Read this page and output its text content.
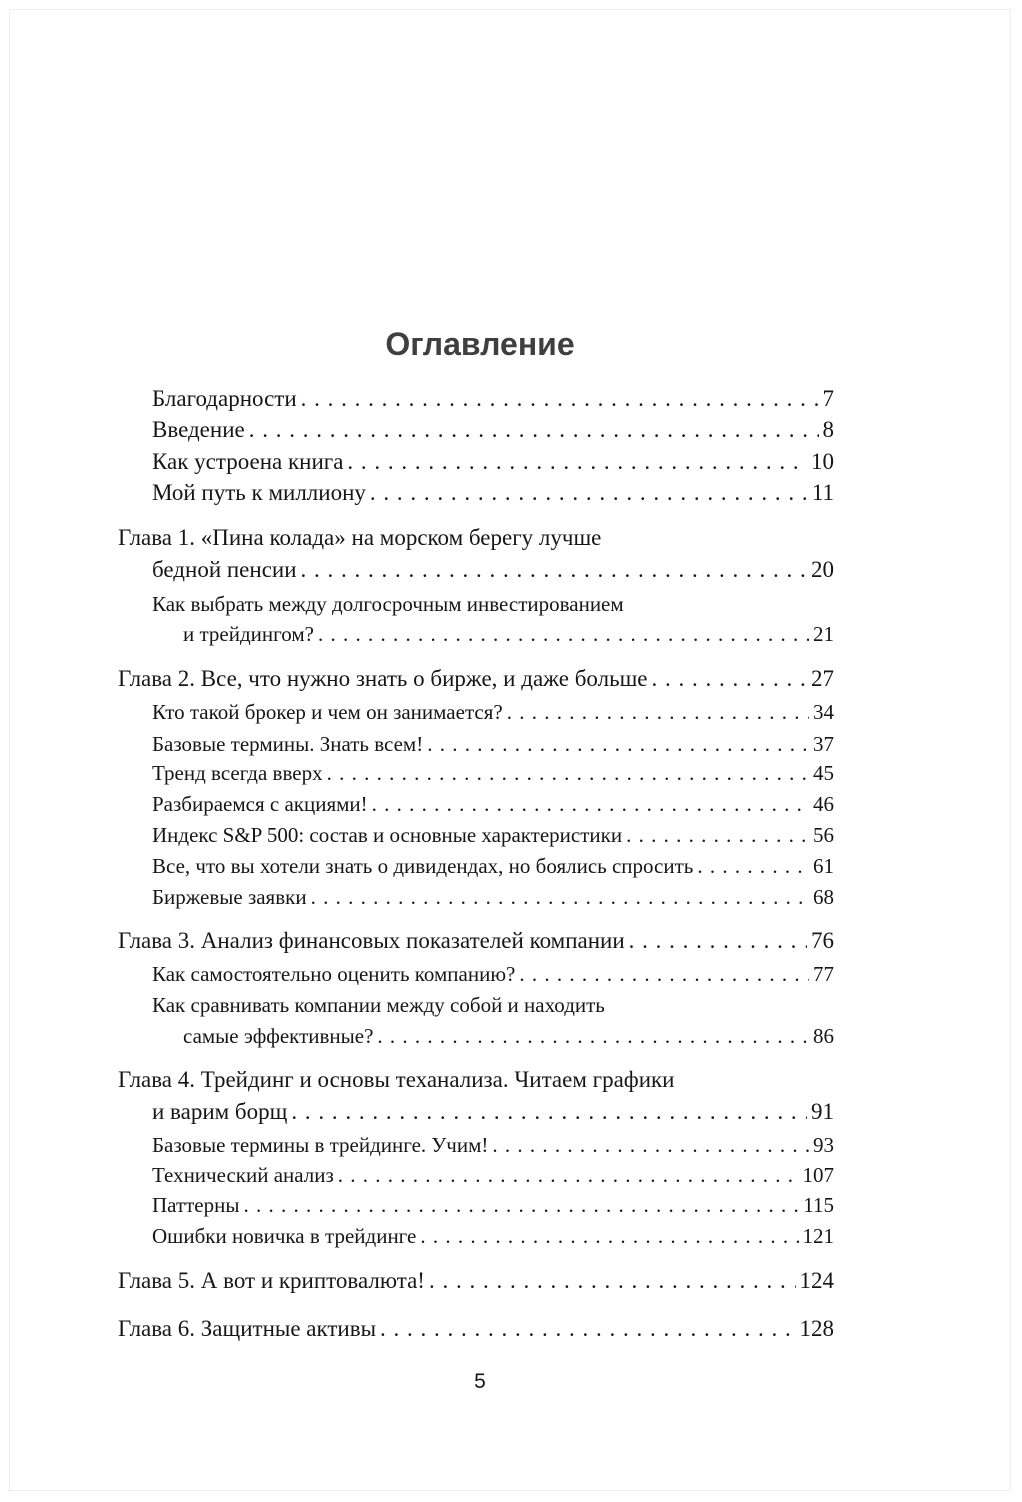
Оглавление
Благодарности . . .	7
Введение . . .	8
Как устроена книга . . .	10
Мой путь к миллиону . . .	11
Глава 1. «Пина колада» на морском берегу лучше
бедной пенсии . . .	20
Как выбрать между долгосрочным инвестированием
и трейдингом? . . .	21
Глава 2. Все, что нужно знать о бирже, и даже больше . . .	27
Кто такой брокер и чем он занимается? . . .	34
Базовые термины. Знать всем! . . .	37
Тренд всегда вверх . . .	45
Разбираемся с акциями! . . .	46
Индекс S&P 500: состав и основные характеристики . . .	56
Все, что вы хотели знать о дивидендах, но боялись спросить . . .	61
Биржевые заявки . . .	68
Глава 3. Анализ финансовых показателей компании . . .	76
Как самостоятельно оценить компанию? . . .	77
Как сравнивать компании между собой и находить
самые эффективные? . . .	86
Глава 4. Трейдинг и основы теханализа. Читаем графики
и варим борщ . . .	91
Базовые термины в трейдинге. Учим! . . .	93
Технический анализ . . .	107
Паттерны . . .	115
Ошибки новичка в трейдинге . . .	121
Глава 5. А вот и криптовалюта! . . .	124
Глава 6. Защитные активы . . .	128
5
